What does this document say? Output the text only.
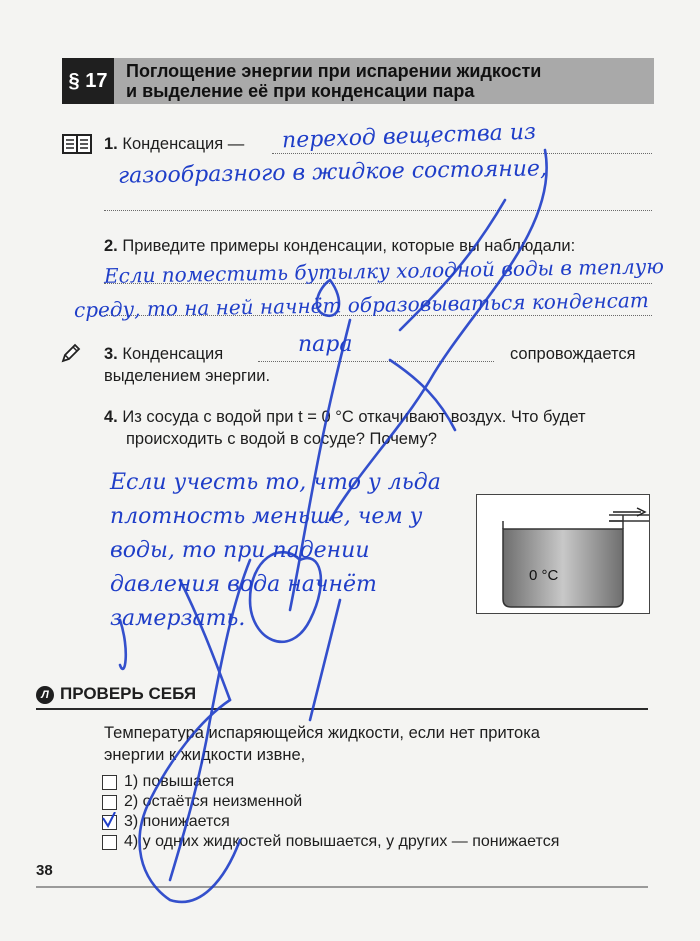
§ 17	Поглощение энергии при испарении жидкости
и выделение её при конденсации пара
1. Конденсация — переход вещества из
газообразного в жидкое состояние,
2. Приведите примеры конденсации, которые вы наблюдали:
Если поместить бутылку холодной воды в теплую
среду, то на ней начнёт образовываться конденсат
3. Конденсация	пара	сопровождается
выделением энергии.
4. Из сосуда с водой при t = 0 °С откачивают воздух. Что будет
происходить с водой в сосуде? Почему?
Если учесть то, что у льда
плотность меньше, чем у
воды, то при падении
давления вода начнёт
замерзать.
0 °С
Л ПРОВЕРЬ СЕБЯ
Температура испаряющейся жидкости, если нет притока
энергии к жидкости извне,
1) повышается
2) остаётся неизменной
3) понижается
4) у одних жидкостей повышается, у других — понижается
38
